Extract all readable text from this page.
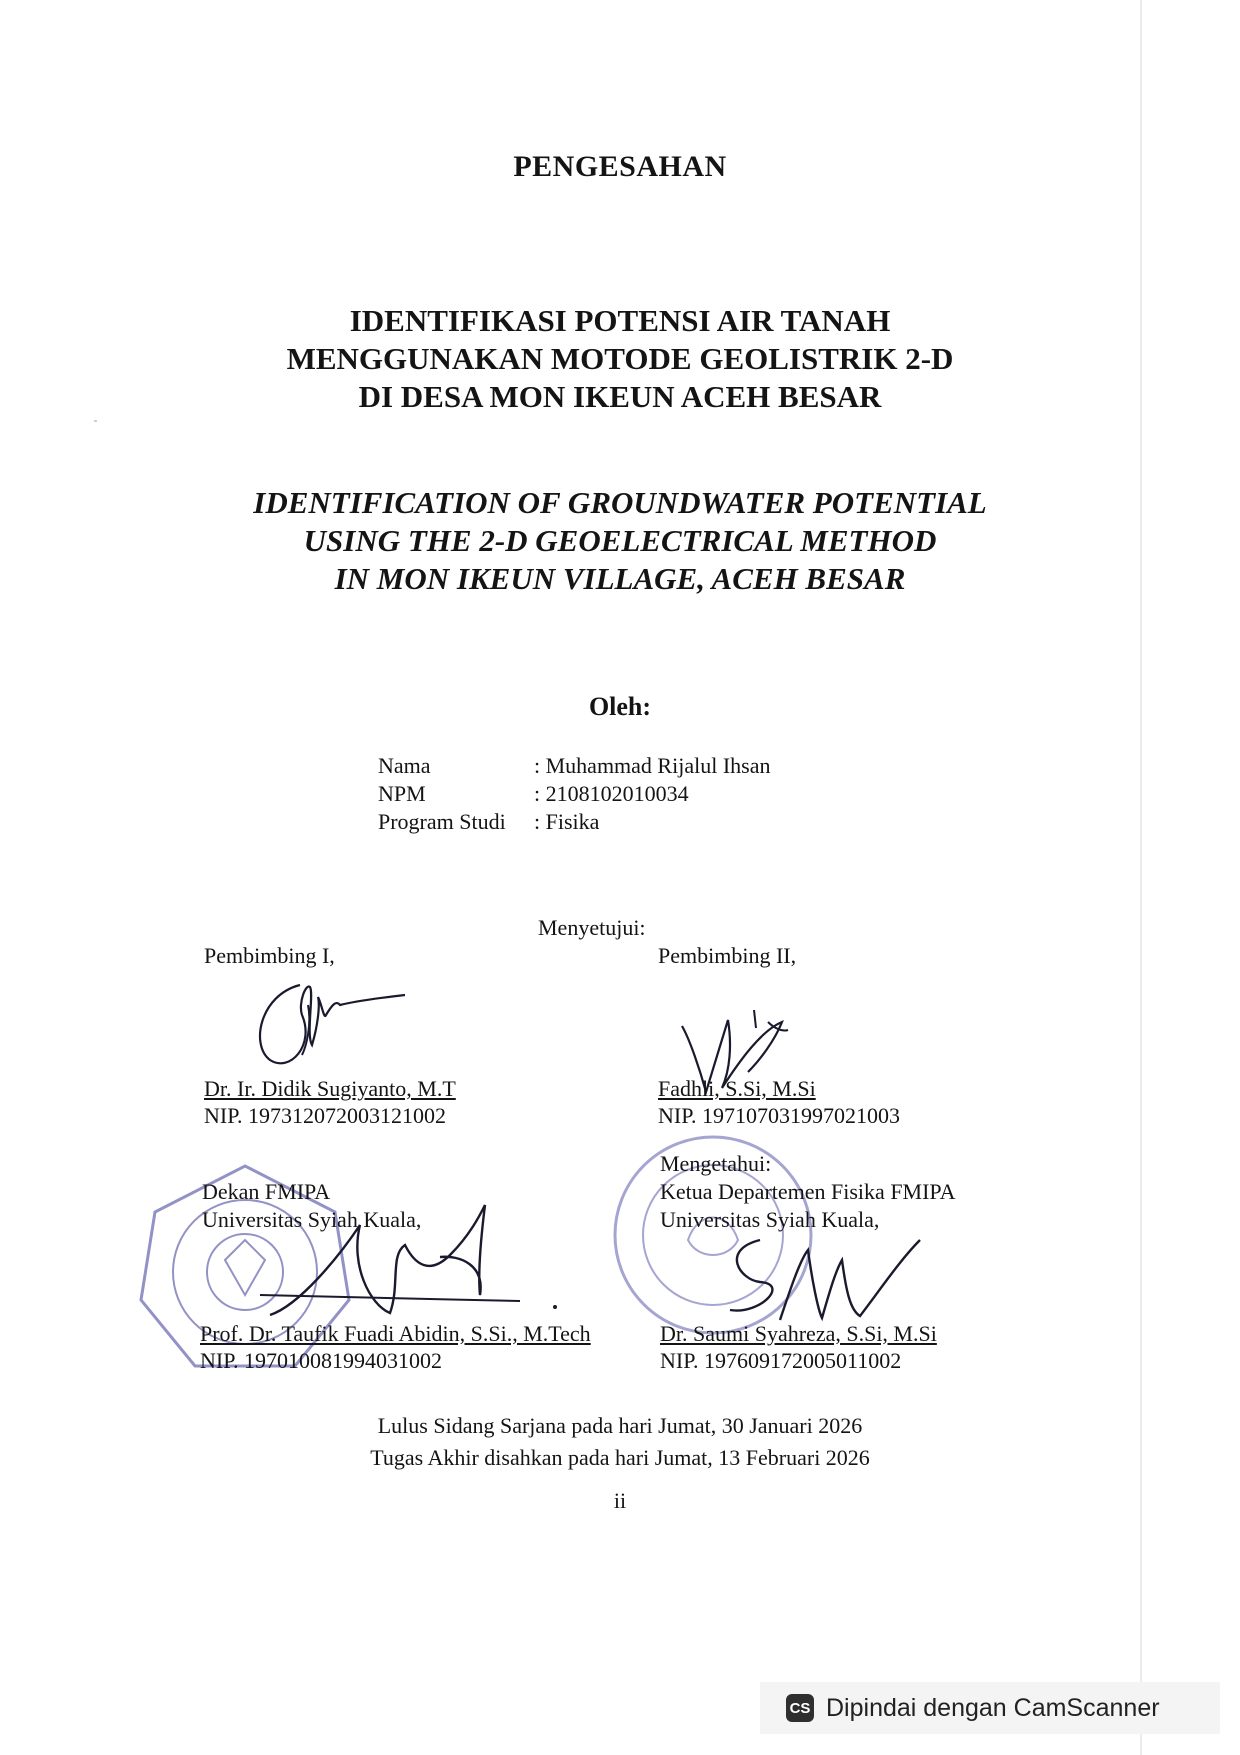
PENGESAHAN
IDENTIFIKASI POTENSI AIR TANAH
MENGGUNAKAN MOTODE GEOLISTRIK 2-D
DI DESA MON IKEUN ACEH BESAR
IDENTIFICATION OF GROUNDWATER POTENTIAL
USING THE 2-D GEOELECTRICAL METHOD
IN MON IKEUN VILLAGE, ACEH BESAR
Oleh:
Nama	: Muhammad Rijalul Ihsan
NPM	: 2108102010034
Program Studi	: Fisika
Menyetujui:
Pembimbing I,	Pembimbing II,
Dr. Ir. Didik Sugiyanto, M.T
NIP. 197312072003121002
Fadhli, S.Si, M.Si
NIP. 197107031997021003
Mengetahui:
Dekan FMIPA
Universitas Syiah Kuala,
Ketua Departemen Fisika FMIPA
Universitas Syiah Kuala,
Prof. Dr. Taufik Fuadi Abidin, S.Si., M.Tech
NIP. 197010081994031002
Dr. Saumi Syahreza, S.Si, M.Si
NIP. 197609172005011002
Lulus Sidang Sarjana pada hari Jumat, 30 Januari 2026
Tugas Akhir disahkan pada hari Jumat, 13 Februari 2026
ii
CS Dipindai dengan CamScanner
